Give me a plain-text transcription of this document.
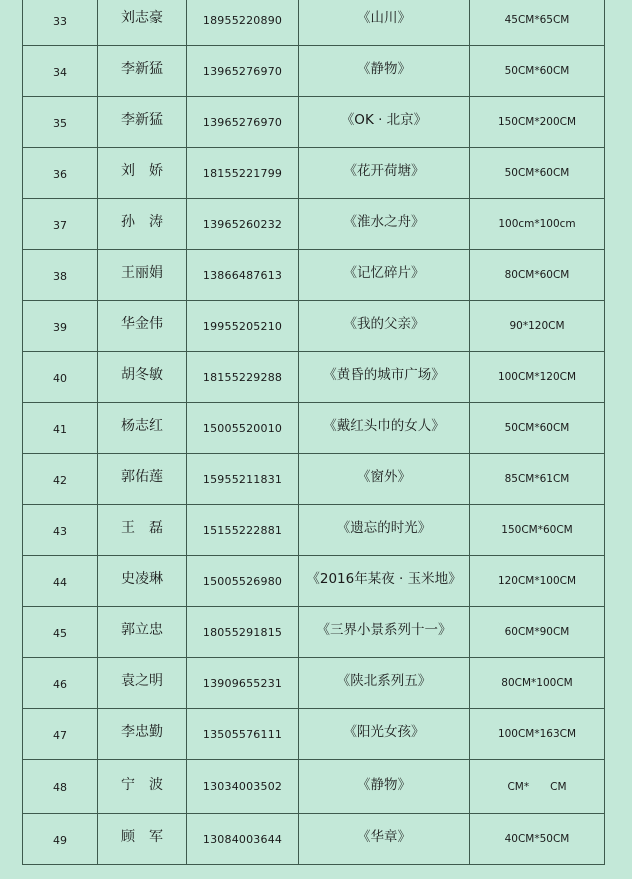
33	刘志豪	18955220890	《山川》	45CM*65CM
34	李新猛	13965276970	《静物》	50CM*60CM
35	李新猛	13965276970	《OK · 北京》	150CM*200CM
36	刘　娇	18155221799	《花开荷塘》	50CM*60CM
37	孙　涛	13965260232	《淮水之舟》	100cm*100cm
38	王丽娟	13866487613	《记忆碎片》	80CM*60CM
39	华金伟	19955205210	《我的父亲》	90*120CM
40	胡冬敏	18155229288	《黄昏的城市广场》	100CM*120CM
41	杨志红	15005520010	《戴红头巾的女人》	50CM*60CM
42	郭佑莲	15955211831	《窗外》	85CM*61CM
43	王　磊	15155222881	《遗忘的时光》	150CM*60CM
44	史凌琳	15005526980	《2016年某夜 · 玉米地》	120CM*100CM
45	郭立忠	18055291815	《三界小景系列十一》	60CM*90CM
46	袁之明	13909655231	《陕北系列五》	80CM*100CM
47	李忠勤	13505576111	《阳光女孩》	100CM*163CM
48	宁　波	13034003502	《静物》	CM*　　CM
49	顾　军	13084003644	《华章》	40CM*50CM
